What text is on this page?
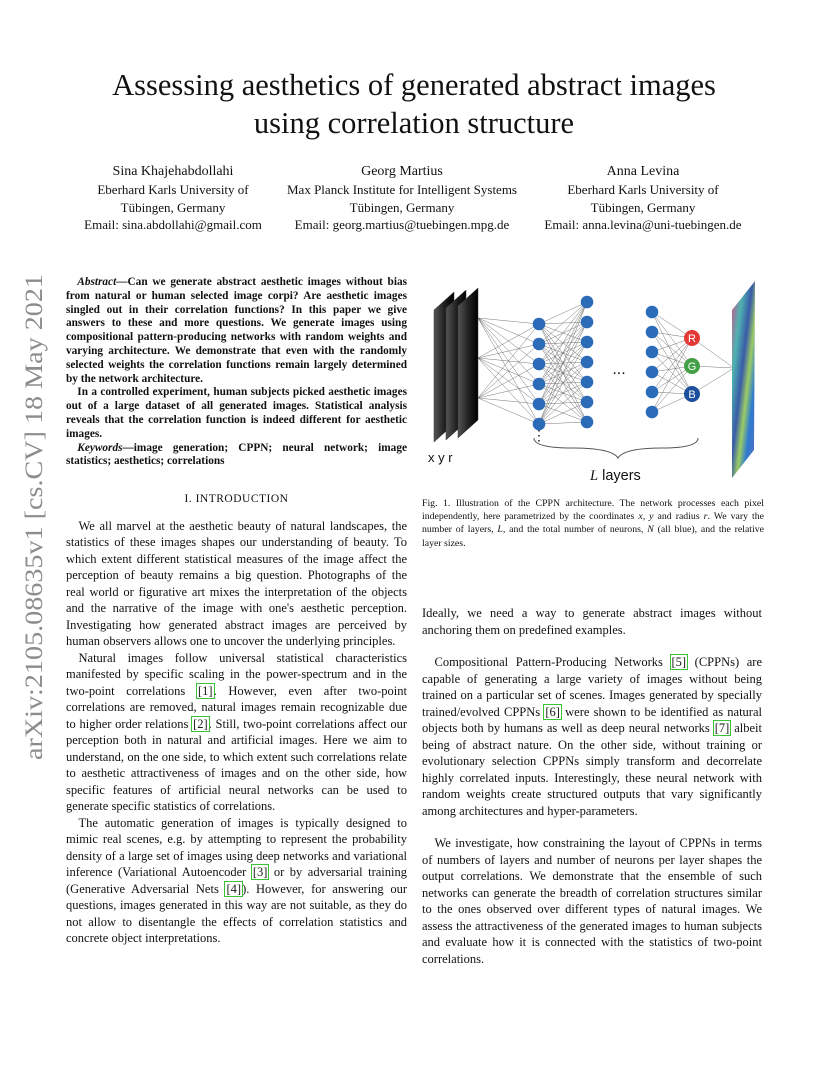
arXiv:2105.08635v1 [cs.CV] 18 May 2021
Assessing aesthetics of generated abstract images
using correlation structure
Sina Khajehabdollahi
Eberhard Karls University of
Tübingen, Germany
Email: sina.abdollahi@gmail.com
Georg Martius
Max Planck Institute for Intelligent Systems
Tübingen, Germany
Email: georg.martius@tuebingen.mpg.de
Anna Levina
Eberhard Karls University of
Tübingen, Germany
Email: anna.levina@uni-tuebingen.de

Abstract—Can we generate abstract aesthetic images without bias from natural or human selected image corpi? Are aesthetic images singled out in their correlation functions? In this paper we give answers to these and more questions. We generate images using compositional pattern-producing networks with random weights and varying architecture. We demonstrate that even with the randomly selected weights the correlation functions remain largely determined by the network architecture.

In a controlled experiment, human subjects picked aesthetic images out of a large dataset of all generated images. Statistical analysis reveals that the correlation function is indeed different for aesthetic images.

Keywords—image generation; CPPN; neural network; image statistics; aesthetics; correlations

I. INTRODUCTION

We all marvel at the aesthetic beauty of natural landscapes, the statistics of these images shapes our understanding of beauty. To which extent different statistical measures of the image affect the perception of beauty remains a big question. Photographs of the real world or figurative art mixes the interpretation of the objects and the narrative of the image with one's aesthetic perception. Investigating how generated abstract images are perceived by human observers allows one to uncover the underlying principles.

Natural images follow universal statistical characteristics manifested by specific scaling in the power-spectrum and in the two-point correlations [1]. However, even after two-point correlations are removed, natural images remain recognizable due to higher order relations [2]. Still, two-point correlations affect our perception both in natural and artificial images. Here we aim to understand, on the one side, to which extent such correlations relate to aesthetic attractiveness of images and on the other side, how specific features of artificial neural networks can be used to generate specific statistics of correlations.

The automatic generation of images is typically designed to mimic real scenes, e.g. by attempting to represent the probability density of a large set of images using deep networks and variational inference (Variational Autoencoder [3] or by adversarial training (Generative Adversarial Nets [4]). However, for answering our questions, images generated in this way are not suitable, as they do not allow to disentangle the effects of correlation statistics and concrete object interpretations.

R
G
B
⋮
...
x y r
L layers
Fig. 1. Illustration of the CPPN architecture. The network processes each pixel independently, here parametrized by the coordinates x, y and radius r. We vary the number of layers, L, and the total number of neurons, N (all blue), and the relative layer sizes.

Ideally, we need a way to generate abstract images without anchoring them on predefined examples.

Compositional Pattern-Producing Networks [5] (CPPNs) are capable of generating a large variety of images without being trained on a particular set of scenes. Images generated by specially trained/evolved CPPNs [6] were shown to be identified as natural objects both by humans as well as deep neural networks [7] albeit being of abstract nature. On the other side, without training or evolutionary selection CPPNs simply transform and decorrelate highly correlated inputs. Interestingly, these neural network with random weights create structured outputs that vary significantly among architectures and hyper-parameters.

We investigate, how constraining the layout of CPPNs in terms of numbers of layers and number of neurons per layer shapes the output correlations. We demonstrate that the ensemble of such networks can generate the breadth of correlation structures similar to the ones observed over different types of natural images. We assess the attractiveness of the generated images to human subjects and evaluate how it is connected with the statistics of two-point correlations.
